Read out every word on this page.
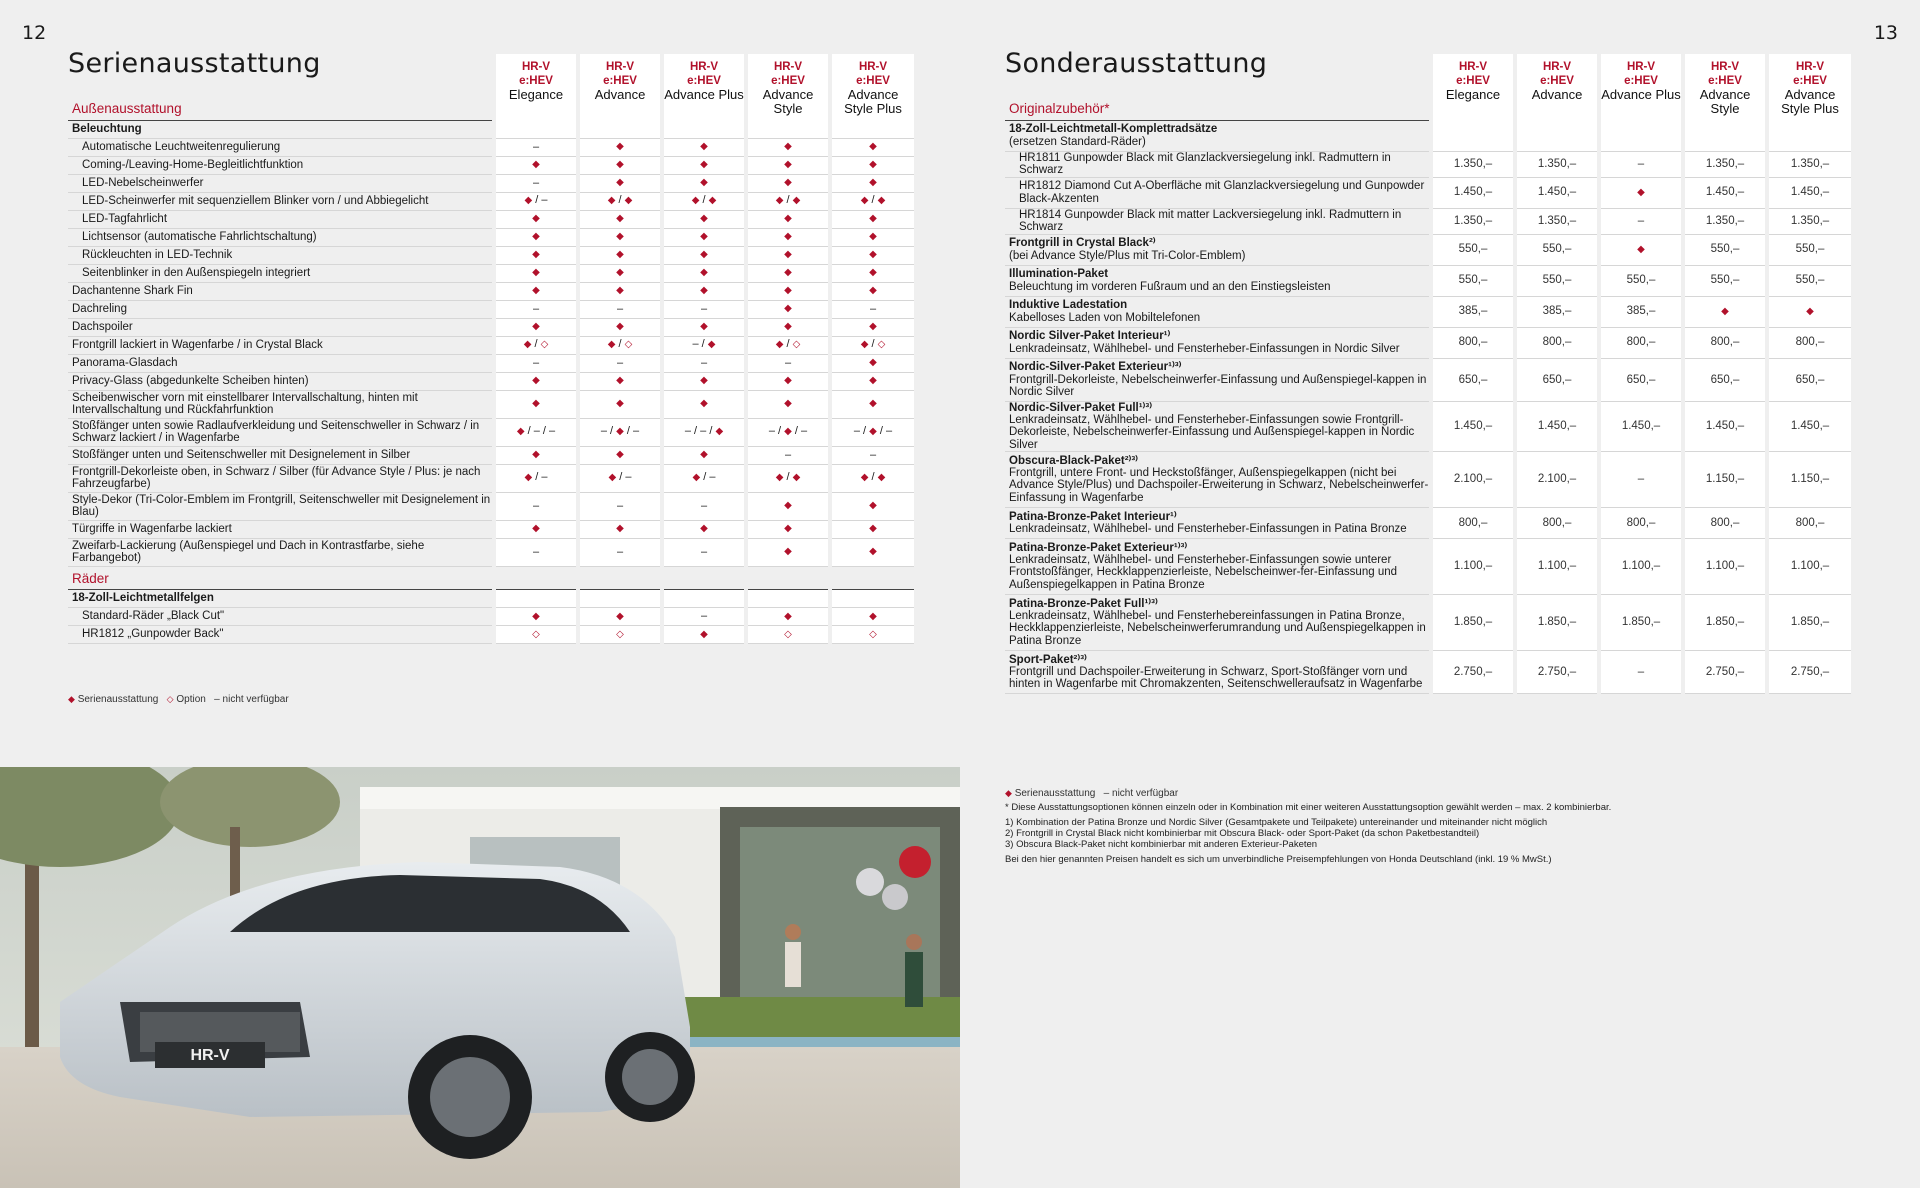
12	13
Serienausstattung	Sonderausstattung
Außenausstattung	HR-V
e:HEV
Elegance	HR-V
e:HEV
Advance	HR-V
e:HEV
Advance Plus	HR-V
e:HEV
Advance Style	HR-V
e:HEV
Advance Style Plus

Beleuchtung					
Automatische Leuchtweitenregulierung	–	◆	◆	◆	◆
Coming-/Leaving-Home-Begleitlichtfunktion	◆	◆	◆	◆	◆
LED-Nebelscheinwerfer	–	◆	◆	◆	◆
LED-Scheinwerfer mit sequenziellem Blinker vorn / und Abbiegelicht	◆ / –	◆ / ◆	◆ / ◆	◆ / ◆	◆ / ◆
LED-Tagfahrlicht	◆	◆	◆	◆	◆
Lichtsensor (automatische Fahrlichtschaltung)	◆	◆	◆	◆	◆
Rückleuchten in LED-Technik	◆	◆	◆	◆	◆
Seitenblinker in den Außenspiegeln integriert	◆	◆	◆	◆	◆
Dachantenne Shark Fin	◆	◆	◆	◆	◆
Dachreling	–	–	–	◆	–
Dachspoiler	◆	◆	◆	◆	◆
Frontgrill lackiert in Wagenfarbe / in Crystal Black	◆ / ◇	◆ / ◇	– / ◆	◆ / ◇	◆ / ◇
Panorama-Glasdach	–	–	–	–	◆
Privacy-Glass (abgedunkelte Scheiben hinten)	◆	◆	◆	◆	◆
Scheibenwischer vorn mit einstellbarer Intervallschaltung, hinten mit Intervallschaltung und Rückfahrfunktion	◆	◆	◆	◆	◆
Stoßfänger unten sowie Radlaufverkleidung und Seitenschweller in Schwarz / in Schwarz lackiert / in Wagenfarbe	◆ / – / –	– / ◆ / –	– / – / ◆	– / ◆ / –	– / ◆ / –
Stoßfänger unten und Seitenschweller mit Designelement in Silber	◆	◆	◆	–	–
Frontgrill-Dekorleiste oben, in Schwarz / Silber (für Advance Style / Plus: je nach Fahrzeugfarbe)	◆ / –	◆ / –	◆ / –	◆ / ◆	◆ / ◆
Style-Dekor (Tri-Color-Emblem im Frontgrill, Seitenschweller mit Designelement in Blau)	–	–	–	◆	◆
Türgriffe in Wagenfarbe lackiert	◆	◆	◆	◆	◆
Zweifarb-Lackierung (Außenspiegel und Dach in Kontrastfarbe, siehe Farbangebot)	–	–	–	◆	◆
Räder					
18-Zoll-Leichtmetallfelgen					
Standard-Räder „Black Cut"	◆	◆	–	◆	◆
HR1812 „Gunpowder Back"	◇	◇	◆	◇	◇
◆ Serienausstattung ◇ Option   – nicht verfügbar
Originalzubehör*	HR-V
e:HEV
Elegance	HR-V
e:HEV
Advance	HR-V
e:HEV
Advance Plus	HR-V
e:HEV
Advance Style	HR-V
e:HEV
Advance Style Plus

18-Zoll-Leichtmetall-Komplettradsätze
(ersetzen Standard-Räder)					
HR1811 Gunpowder Black mit Glanzlackversiegelung inkl. Radmuttern in Schwarz	1.350,–	1.350,–	–	1.350,–	1.350,–
HR1812 Diamond Cut A-Oberfläche mit Glanzlackversiegelung und Gunpowder Black-Akzenten	1.450,–	1.450,–	◆	1.450,–	1.450,–
HR1814 Gunpowder Black mit matter Lackversiegelung inkl. Radmuttern in Schwarz	1.350,–	1.350,–	–	1.350,–	1.350,–
Frontgrill in Crystal Black²⁾
(bei Advance Style/Plus mit Tri-Color-Emblem)	550,–	550,–	◆	550,–	550,–
Illumination-Paket
Beleuchtung im vorderen Fußraum und an den Einstiegsleisten	550,–	550,–	550,–	550,–	550,–
Induktive Ladestation
Kabelloses Laden von Mobiltelefonen	385,–	385,–	385,–	◆	◆
Nordic Silver-Paket Interieur¹⁾
Lenkradeinsatz, Wählhebel- und Fensterheber-Einfassungen in Nordic Silver	800,–	800,–	800,–	800,–	800,–
Nordic-Silver-Paket Exterieur¹⁾³⁾
Frontgrill-Dekorleiste, Nebelscheinwerfer-Einfassung und Außenspiegel-kappen in Nordic Silver	650,–	650,–	650,–	650,–	650,–
Nordic-Silver-Paket Full¹⁾³⁾
Lenkradeinsatz, Wählhebel- und Fensterheber-Einfassungen sowie Frontgrill-Dekorleiste, Nebelscheinwerfer-Einfassung und Außenspiegel-kappen in Nordic Silver	1.450,–	1.450,–	1.450,–	1.450,–	1.450,–
Obscura-Black-Paket²⁾³⁾
Frontgrill, untere Front- und Heckstoßfänger, Außenspiegelkappen (nicht bei Advance Style/Plus) und Dachspoiler-Erweiterung in Schwarz, Nebelscheinwerfer-Einfassung in Wagenfarbe	2.100,–	2.100,–	–	1.150,–	1.150,–
Patina-Bronze-Paket Interieur¹⁾
Lenkradeinsatz, Wählhebel- und Fensterheber-Einfassungen in Patina Bronze	800,–	800,–	800,–	800,–	800,–
Patina-Bronze-Paket Exterieur¹⁾³⁾
Lenkradeinsatz, Wählhebel- und Fensterheber-Einfassungen sowie unterer Frontstoßfänger, Heckklappenzierleiste, Nebelscheinwer-fer-Einfassung und Außenspiegelkappen in Patina Bronze	1.100,–	1.100,–	1.100,–	1.100,–	1.100,–
Patina-Bronze-Paket Full¹⁾³⁾
Lenkradeinsatz, Wählhebel- und Fensterhebereinfassungen in Patina Bronze, Heckklappenzierleiste, Nebelscheinwerferumrandung und Außenspiegelkappen in Patina Bronze	1.850,–	1.850,–	1.850,–	1.850,–	1.850,–
Sport-Paket²⁾³⁾
Frontgrill und Dachspoiler-Erweiterung in Schwarz, Sport-Stoßfänger vorn und hinten in Wagenfarbe mit Chromakzenten, Seitenschwelleraufsatz in Wagenfarbe	2.750,–	2.750,–	–	2.750,–	2.750,–
◆ Serienausstattung   – nicht verfügbar
* Diese Ausstattungsoptionen können einzeln oder in Kombination mit einer weiteren Ausstattungsoption gewählt werden – max. 2 kombinierbar.
1) Kombination der Patina Bronze und Nordic Silver (Gesamtpakete und Teilpakete) untereinander und miteinander nicht möglich
2) Frontgrill in Crystal Black nicht kombinierbar mit Obscura Black- oder Sport-Paket (da schon Paketbestandteil)
3) Obscura Black-Paket nicht kombinierbar mit anderen Exterieur-Paketen
Bei den hier genannten Preisen handelt es sich um unverbindliche Preisempfehlungen von Honda Deutschland (inkl. 19 % MwSt.)
HR-V
